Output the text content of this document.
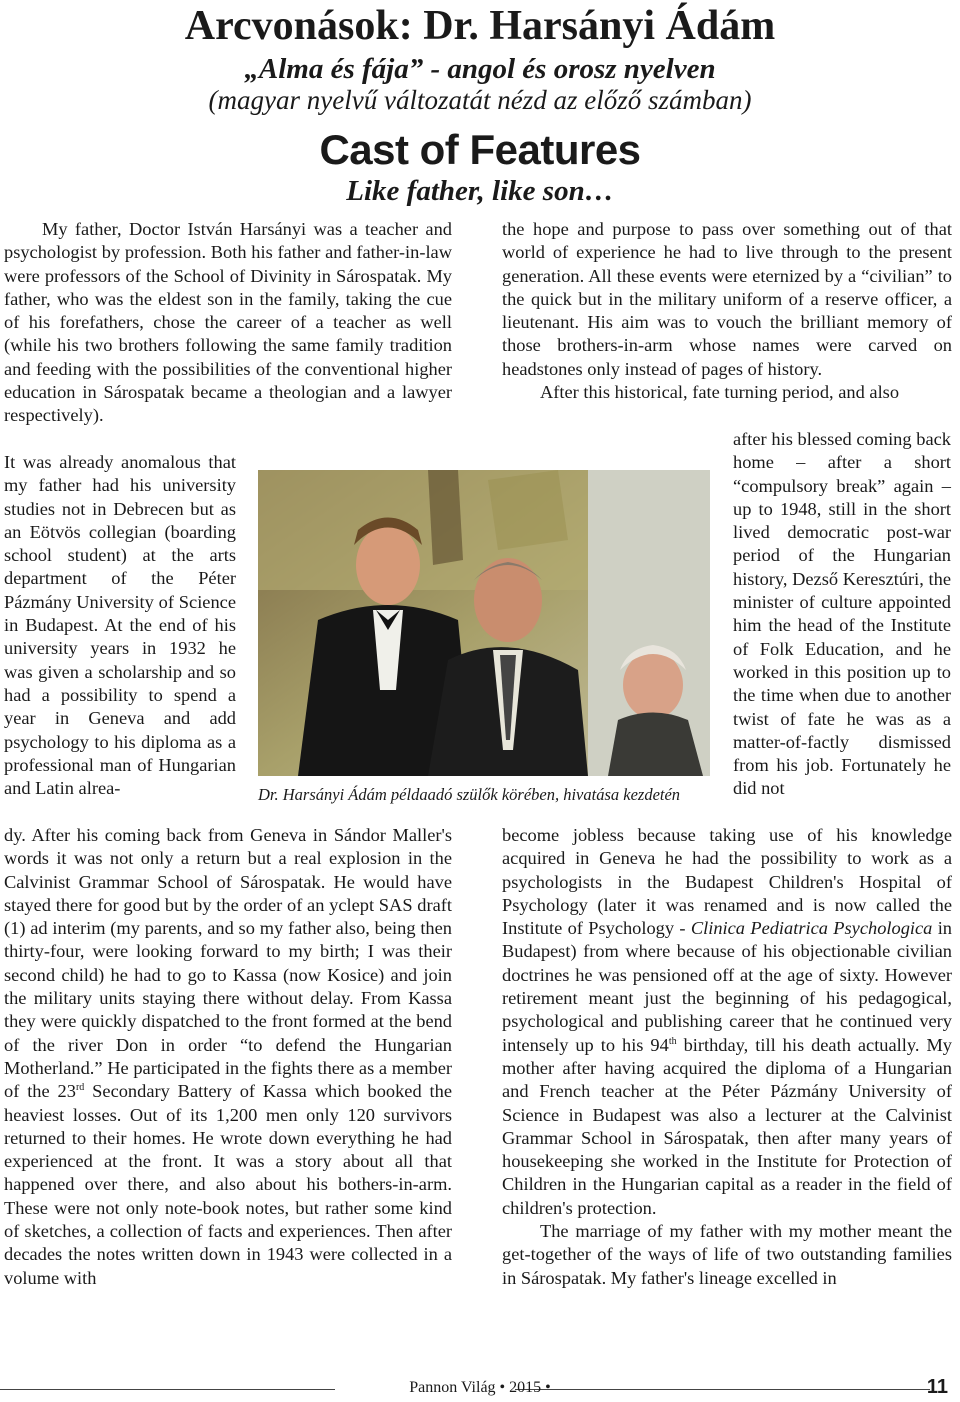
Arcvonások: Dr. Harsányi Ádám
„Alma és fája” - angol és orosz nyelven
(magyar nyelvű változatát nézd az előző számban)
Cast of Features
Like father, like son…

My father, Doctor István Harsányi was a teacher and psychologist by profession. Both his father and father-in-law were professors of the School of Divinity in Sárospatak. My father, who was the eldest son in the family, taking the cue of his forefathers, chose the career of a teacher as well (while his two brothers following the same family tradition and feeding with the possibilities of the conventional higher education in Sárospatak became a theologian and a lawyer respectively).

It was already anomalous that my father had his university studies not in Debrecen but as an Eötvös collegian (boarding school student) at the arts department of the Péter Pázmány University of Science in Budapest. At the end of his university years in 1932 he was given a scholarship and so had a possibility to spend a year in Geneva and add psychology to his diploma as a professional man of Hungarian and Latin alrea-

dy. After his coming back from Geneva in Sándor Maller's words it was not only a return but a real explosion in the Calvinist Grammar School of Sárospatak. He would have stayed there for good but by the order of an yclept SAS draft (1) ad interim (my parents, and so my father also, being then thirty-four, were looking forward to my birth; I was their second child) he had to go to Kassa (now Kosice) and join the military units staying there without delay. From Kassa they were quickly dispatched to the front formed at the bend of the river Don in order “to defend the Hungarian Motherland.” He participated in the fights there as a member of the 23rd Secondary Battery of Kassa which booked the heaviest losses. Out of its 1,200 men only 120 survivors returned to their homes. He wrote down everything he had experienced at the front. It was a story about all that happened over there, and also about his bothers-in-arm. These were not only note-book notes, but rather some kind of sketches, a collection of facts and experiences. Then after decades the notes written down in 1943 were collected in a volume with

the hope and purpose to pass over something out of that world of experience he had to live through to the present generation. All these events were eternized by a “civilian” to the quick but in the military uniform of a reserve officer, a lieutenant. His aim was to vouch the brilliant memory of those brothers-in-arm whose names were carved on headstones only instead of pages of history.

After this historical, fate turning period, and also

after his blessed coming back home – after a short “compulsory break” again – up to 1948, still in the short lived democratic post-war period of the Hungarian history, Dezső Keresztúri, the minister of culture appointed him the head of the Institute of Folk Education, and he worked in this position up to the time when due to another twist of fate he was as a matter-of-factly dismissed from his job. Fortunately he did not

become jobless because taking use of his knowledge acquired in Geneva he had the possibility to work as a psychologists in the Budapest Children's Hospital of Psychology (later it was renamed and is now called the Institute of Psychology - Clinica Pediatrica Psychologica in Budapest) from where because of his objectionable civilian doctrines he was pensioned off at the age of sixty. However retirement meant just the beginning of his pedagogical, psychological and publishing career that he continued very intensely up to his 94th birthday, till his death actually. My mother after having acquired the diploma of a Hungarian and French teacher at the Péter Pázmány University of Science in Budapest was also a lecturer at the Calvinist Grammar School in Sárospatak, then after many years of housekeeping she worked in the Institute for Protection of Children in the Hungarian capital as a reader in the field of children's protection.

The marriage of my father with my mother meant the get-together of the ways of life of two outstanding families in Sárospatak. My father's lineage excelled in

Dr. Harsányi Ádám példaadó szülők körében, hivatása kezdetén
Pannon Világ • 2015 •	11
